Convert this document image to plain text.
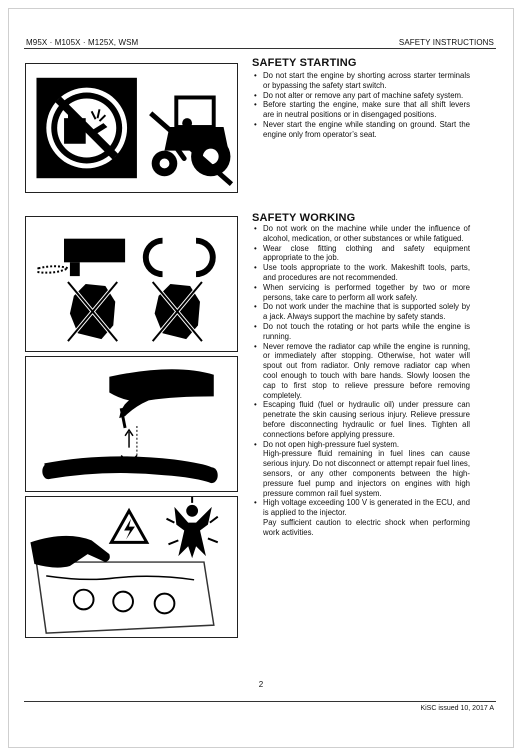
M95X · M105X · M125X, WSM	SAFETY INSTRUCTIONS
SAFETY STARTING
• Do not start the engine by shorting across starter terminals or bypassing the safety start switch.
• Do not alter or remove any part of machine safety system.
• Before starting the engine, make sure that all shift levers are in neutral positions or in disengaged positions.
• Never start the engine while standing on ground. Start the engine only from operator’s seat.
SAFETY WORKING
• Do not work on the machine while under the influence of alcohol, medication, or other substances or while fatigued.
• Wear close fitting clothing and safety equipment appropriate to the job.
• Use tools appropriate to the work. Makeshift tools, parts, and procedures are not recommended.
• When servicing is performed together by two or more persons, take care to perform all work safely.
• Do not work under the machine that is supported solely by a jack. Always support the machine by safety stands.
• Do not touch the rotating or hot parts while the engine is running.
• Never remove the radiator cap while the engine is running, or immediately after stopping. Otherwise, hot water will spout out from radiator. Only remove radiator cap when cool enough to touch with bare hands. Slowly loosen the cap to first stop to relieve pressure before removing completely.
• Escaping fluid (fuel or hydraulic oil) under pressure can penetrate the skin causing serious injury. Relieve pressure before disconnecting hydraulic or fuel lines. Tighten all connections before applying pressure.
• Do not open high-pressure fuel system.
High-pressure fluid remaining in fuel lines can cause serious injury. Do not disconnect or attempt repair fuel lines, sensors, or any other components between the high-pressure fuel pump and injectors on engines with high pressure common rail fuel system.
• High voltage exceeding 100 V is generated in the ECU, and is applied to the injector.
Pay sufficient caution to electric shock when performing work activities.
2
KiSC issued 10, 2017 A
